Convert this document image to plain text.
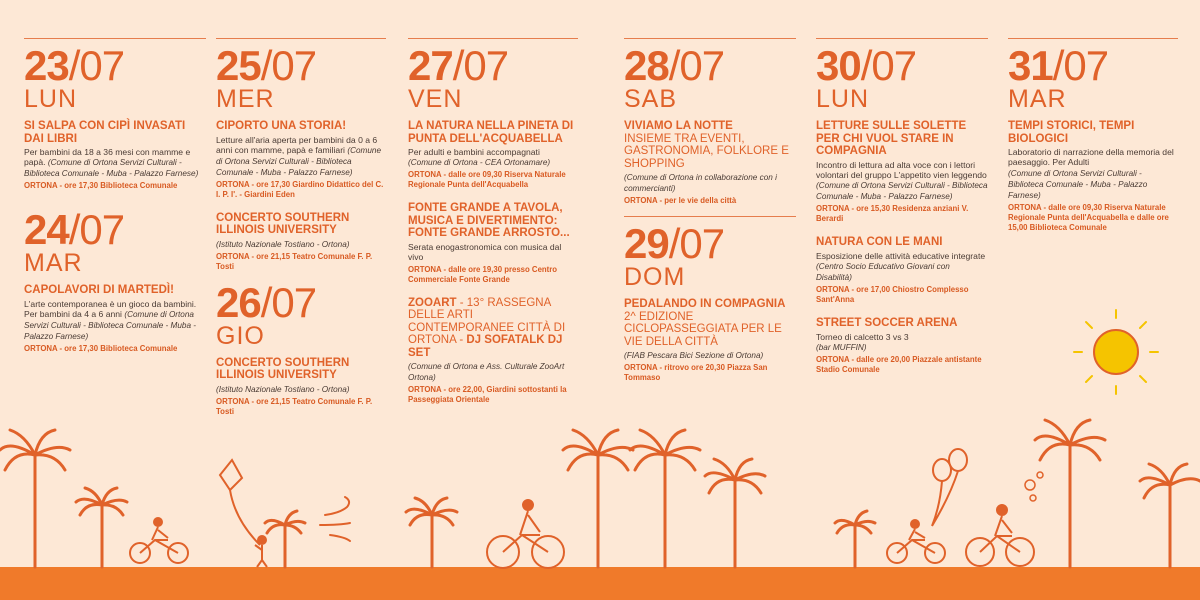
23/07
LUN
SI SALPA CON CIPÌ INVASATI DAI LIBRI
Per bambini da 18 a 36 mesi con mamme e papà. (Comune di Ortona Servizi Culturali - Biblioteca Comunale - Muba - Palazzo Farnese)
ORTONA - ore 17,30 Biblioteca Comunale
24/07
MAR
CAPOLAVORI DI MARTEDÌ!
L'arte contemporanea è un gioco da bambini. Per bambini da 4 a 6 anni (Comune di Ortona Servizi Culturali - Biblioteca Comunale - Muba - Palazzo Farnese)
ORTONA - ore 17,30 Biblioteca Comunale
25/07
MER
CIPORTO UNA STORIA!
Letture all'aria aperta per bambini da 0 a 6 anni con mamme, papà e familiari (Comune di Ortona Servizi Culturali - Biblioteca Comunale - Muba - Palazzo Farnese)
ORTONA - ore 17,30 Giardino Didattico del C. I. P. I'. - Giardini Eden
CONCERTO SOUTHERN ILLINOIS UNIVERSITY
(Istituto Nazionale Tostiano - Ortona)
ORTONA - ore 21,15 Teatro Comunale F. P. Tosti
26/07
GIO
CONCERTO SOUTHERN ILLINOIS UNIVERSITY
(Istituto Nazionale Tostiano - Ortona)
ORTONA - ore 21,15 Teatro Comunale F. P. Tosti
27/07
VEN
LA NATURA NELLA PINETA DI PUNTA DELL'ACQUABELLA
Per adulti e bambini accompagnati
(Comune di Ortona - CEA Ortonamare)
ORTONA - dalle ore 09,30 Riserva Naturale Regionale Punta dell'Acquabella
FONTE GRANDE A TAVOLA, MUSICA E DIVERTIMENTO: FONTE GRANDE ARROSTO...
Serata enogastronomica con musica dal vivo
ORTONA - dalle ore 19,30 presso Centro Commerciale Fonte Grande
ZOOART - 13° RASSEGNA DELLE ARTI CONTEMPORANEE CITTÀ DI ORTONA - DJ SOFATALK DJ SET
(Comune di Ortona e Ass. Culturale ZooArt Ortona)
ORTONA - ore 22,00, Giardini sottostanti la Passeggiata Orientale
28/07
SAB
VIVIAMO LA NOTTE
INSIEME TRA EVENTI, GASTRONOMIA, FOLKLORE E SHOPPING
(Comune di Ortona in collaborazione con i commercianti)
ORTONA - per le vie della città
29/07
DOM
PEDALANDO IN COMPAGNIA
2^ EDIZIONE CICLOPASSEGGIATA PER LE VIE DELLA CITTÀ
(FIAB Pescara Bici Sezione di Ortona)
ORTONA - ritrovo ore 20,30 Piazza San Tommaso
30/07
LUN
LETTURE SULLE SOLETTE PER CHI VUOL STARE IN COMPAGNIA
Incontro di lettura ad alta voce con i lettori volontari del gruppo L'appetito vien leggendo
(Comune di Ortona Servizi Culturali - Biblioteca Comunale - Muba - Palazzo Farnese)
ORTONA - ore 15,30 Residenza anziani V. Berardi
NATURA CON LE MANI
Esposizione delle attività educative integrate
(Centro Socio Educativo Giovani con Disabilità)
ORTONA - ore 17,00 Chiostro Complesso Sant'Anna
STREET SOCCER ARENA
Torneo di calcetto 3 vs 3
(bar MUFFIN)
ORTONA - dalle ore 20,00 Piazzale antistante Stadio Comunale
31/07
MAR
TEMPI STORICI, TEMPI BIOLOGICI
Laboratorio di narrazione della memoria del paesaggio. Per Adulti
(Comune di Ortona Servizi Culturali - Biblioteca Comunale - Muba - Palazzo Farnese)
ORTONA - dalle ore 09,30 Riserva Naturale Regionale Punta dell'Acquabella e dalle ore 15,00 Biblioteca Comunale
